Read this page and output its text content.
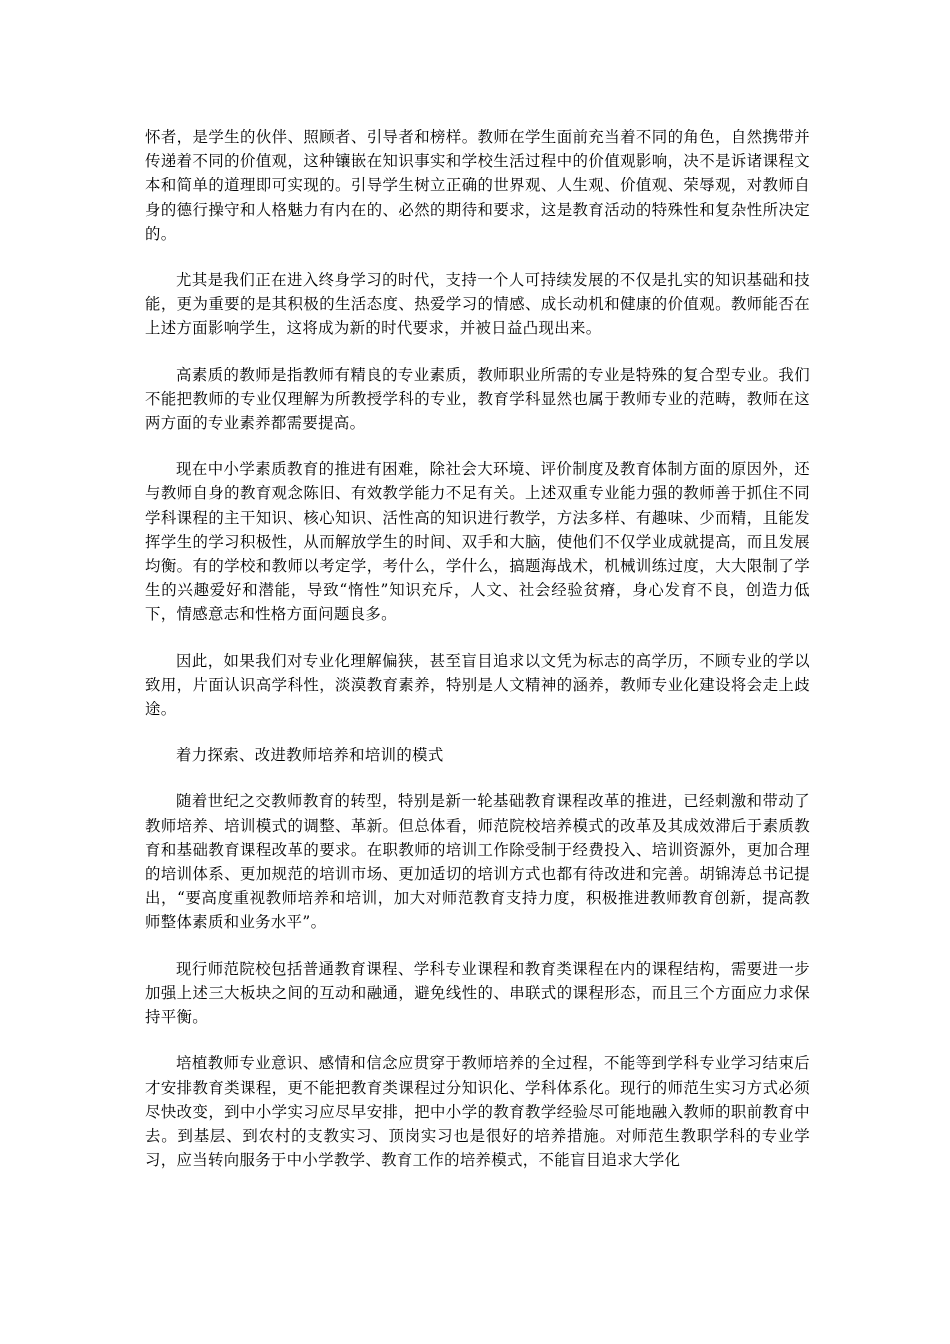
怀者，是学生的伙伴、照顾者、引导者和榜样。教师在学生面前充当着不同的角色，自然携带并传递着不同的价值观，这种镶嵌在知识事实和学校生活过程中的价值观影响，决不是诉诸课程文本和简单的道理即可实现的。引导学生树立正确的世界观、人生观、价值观、荣辱观，对教师自身的德行操守和人格魅力有内在的、必然的期待和要求，这是教育活动的特殊性和复杂性所决定的。

尤其是我们正在进入终身学习的时代，支持一个人可持续发展的不仅是扎实的知识基础和技能，更为重要的是其积极的生活态度、热爱学习的情感、成长动机和健康的价值观。教师能否在上述方面影响学生，这将成为新的时代要求，并被日益凸现出来。

高素质的教师是指教师有精良的专业素质，教师职业所需的专业是特殊的复合型专业。我们不能把教师的专业仅理解为所教授学科的专业，教育学科显然也属于教师专业的范畴，教师在这两方面的专业素养都需要提高。

现在中小学素质教育的推进有困难，除社会大环境、评价制度及教育体制方面的原因外，还与教师自身的教育观念陈旧、有效教学能力不足有关。上述双重专业能力强的教师善于抓住不同学科课程的主干知识、核心知识、活性高的知识进行教学，方法多样、有趣味、少而精，且能发挥学生的学习积极性，从而解放学生的时间、双手和大脑，使他们不仅学业成就提高，而且发展均衡。有的学校和教师以考定学，考什么，学什么，搞题海战术，机械训练过度，大大限制了学生的兴趣爱好和潜能，导致“惰性”知识充斥，人文、社会经验贫瘠，身心发育不良，创造力低下，情感意志和性格方面问题良多。

因此，如果我们对专业化理解偏狭，甚至盲目追求以文凭为标志的高学历，不顾专业的学以致用，片面认识高学科性，淡漠教育素养，特别是人文精神的涵养，教师专业化建设将会走上歧途。

着力探索、改进教师培养和培训的模式

随着世纪之交教师教育的转型，特别是新一轮基础教育课程改革的推进，已经刺激和带动了教师培养、培训模式的调整、革新。但总体看，师范院校培养模式的改革及其成效滞后于素质教育和基础教育课程改革的要求。在职教师的培训工作除受制于经费投入、培训资源外，更加合理的培训体系、更加规范的培训市场、更加适切的培训方式也都有待改进和完善。胡锦涛总书记提出，“要高度重视教师培养和培训，加大对师范教育支持力度，积极推进教师教育创新，提高教师整体素质和业务水平”。

现行师范院校包括普通教育课程、学科专业课程和教育类课程在内的课程结构，需要进一步加强上述三大板块之间的互动和融通，避免线性的、串联式的课程形态，而且三个方面应力求保持平衡。

培植教师专业意识、感情和信念应贯穿于教师培养的全过程，不能等到学科专业学习结束后才安排教育类课程，更不能把教育类课程过分知识化、学科体系化。现行的师范生实习方式必须尽快改变，到中小学实习应尽早安排，把中小学的教育教学经验尽可能地融入教师的职前教育中去。到基层、到农村的支教实习、顶岗实习也是很好的培养措施。对师范生教职学科的专业学习，应当转向服务于中小学教学、教育工作的培养模式，不能盲目追求大学化
